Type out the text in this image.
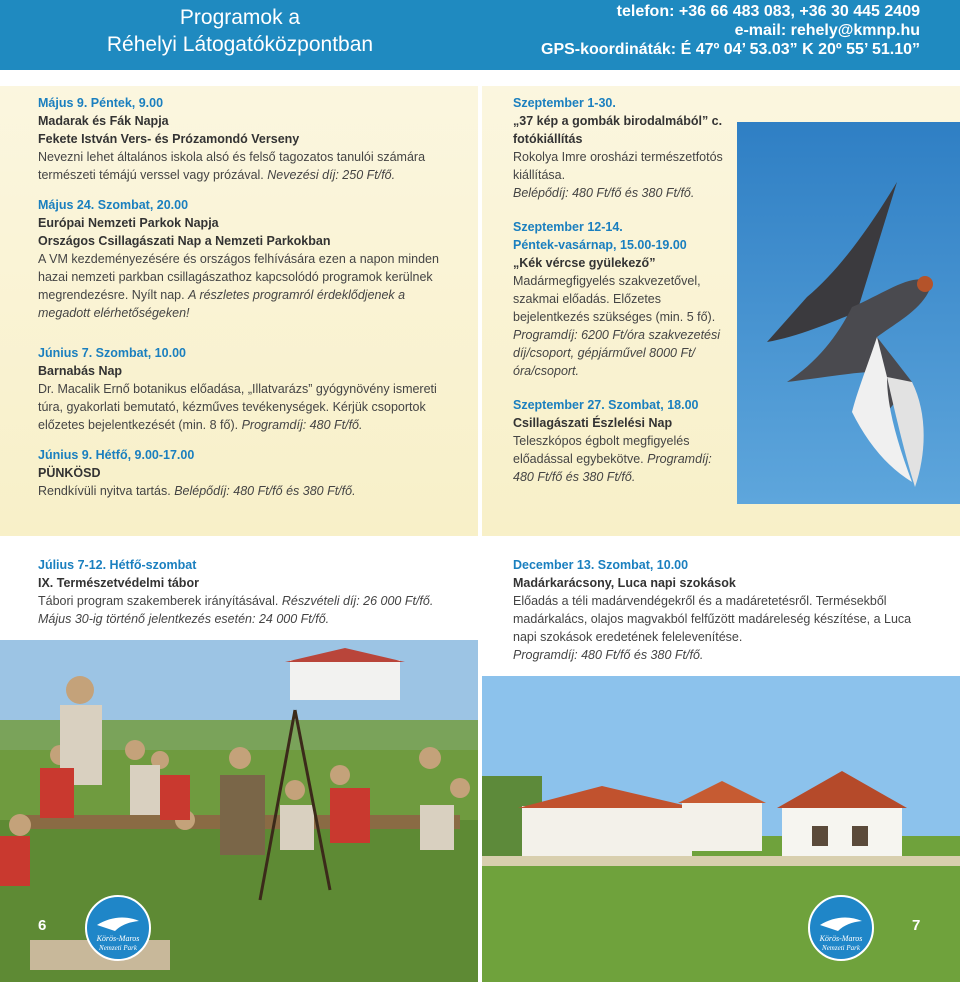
Programok a
Réhelyi Látogatóközpontban
telefon: +36 66 483 083, +36 30 445 2409
e-mail: rehely@kmnp.hu
GPS-koordináták: É 47º 04’ 53.03” K 20º 55’ 51.10”
Május 9. Péntek, 9.00
Madarak és Fák Napja
Fekete István Vers- és Prózamondó Verseny
Nevezni lehet általános iskola alsó és felső tagozatos tanulói számára természeti témájú verssel vagy prózával. Nevezési díj: 250 Ft/fő.
Május 24. Szombat, 20.00
Európai Nemzeti Parkok Napja
Országos Csillagászati Nap a Nemzeti Parkokban
A VM kezdeményezésére és országos felhívására ezen a napon minden hazai nemzeti parkban csillagászathoz kapcsolódó programok kerülnek megrendezésre. Nyílt nap. A részletes programról érdeklődjenek a megadott elérhetőségeken!
Június 7. Szombat, 10.00
Barnabás Nap
Dr. Macalik Ernő botanikus előadása, „Illatvarázs” gyógynövény ismereti túra, gyakorlati bemutató, kézműves tevékenységek. Kérjük csoportok előzetes bejelentkezését (min. 8 fő). Programdíj: 480 Ft/fő.
Június 9. Hétfő, 9.00-17.00
PÜNKÖSD
Rendkívüli nyitva tartás. Belépődíj: 480 Ft/fő és 380 Ft/fő.
Szeptember 1-30.
„37 kép a gombák birodalmából” c. fotókiállítás
Rokolya Imre orosházi természetfotós kiállítása.
Belépődíj: 480 Ft/fő és 380 Ft/fő.
Szeptember 12-14.
Péntek-vasárnap, 15.00-19.00
„Kék vércse gyülekező”
Madármegfigyelés szakvezetővel, szakmai előadás. Előzetes bejelentkezés szükséges (min. 5 fő).
Programdíj: 6200 Ft/óra szakvezetési díj/csoport, gépjárművel 8000 Ft/óra/csoport.
Szeptember 27. Szombat, 18.00
Csillagászati Észlelési Nap
Teleszkópos égbolt megfigyelés előadással egybekötve. Programdíj: 480 Ft/fő és 380 Ft/fő.
Július 7-12. Hétfő-szombat
IX. Természetvédelmi tábor
Tábori program szakemberek irányításával. Részvételi díj: 26 000 Ft/fő. Május 30-ig történő jelentkezés esetén: 24 000 Ft/fő.
December 13. Szombat, 10.00
Madárkarácsony, Luca napi szokások
Előadás a téli madárvendégekről és a madáretetésről. Termésekből madárkalács, olajos magvakból felfűzött madáreleség készítése, a Luca napi szokások eredetének felelevenítése.
Programdíj: 480 Ft/fő és 380 Ft/fő.
6	7
Körös-Maros
Nemzeti Park
Körös-Maros
Nemzeti Park
